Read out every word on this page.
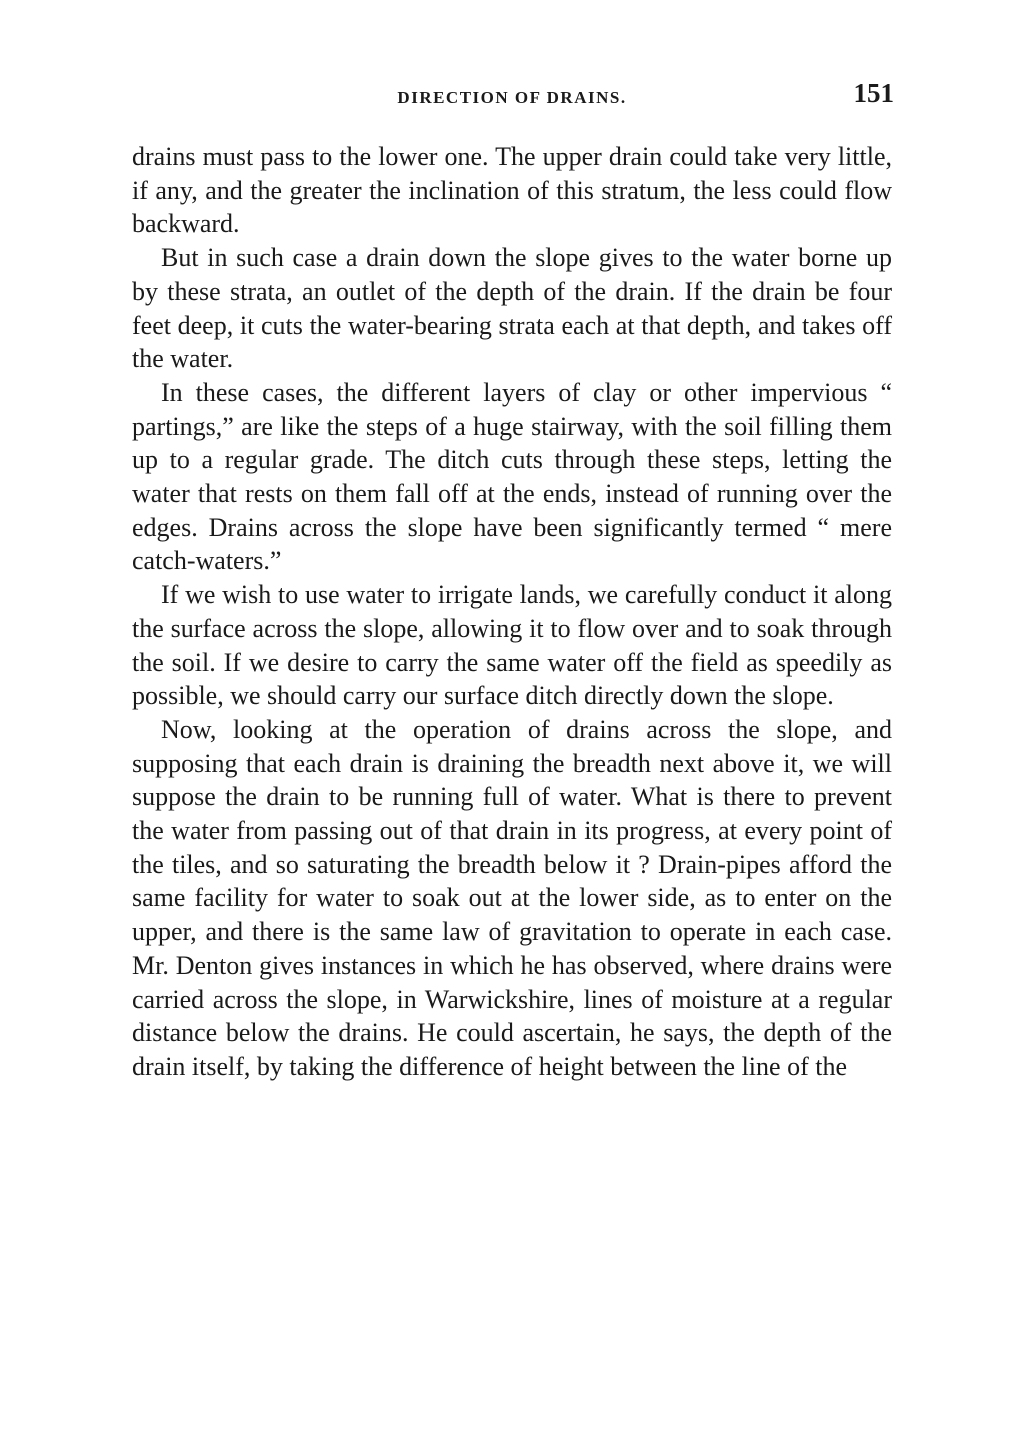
DIRECTION OF DRAINS.	151

drains must pass to the lower one. The upper drain could take very little, if any, and the greater the inclination of this stratum, the less could flow backward.

But in such case a drain down the slope gives to the water borne up by these strata, an outlet of the depth of the drain. If the drain be four feet deep, it cuts the water-bearing strata each at that depth, and takes off the water.

In these cases, the different layers of clay or other impervious “ partings,” are like the steps of a huge stairway, with the soil filling them up to a regular grade. The ditch cuts through these steps, letting the water that rests on them fall off at the ends, instead of running over the edges. Drains across the slope have been significantly termed “ mere catch-waters.”

If we wish to use water to irrigate lands, we carefully conduct it along the surface across the slope, allowing it to flow over and to soak through the soil. If we desire to carry the same water off the field as speedily as possible, we should carry our surface ditch directly down the slope.

Now, looking at the operation of drains across the slope, and supposing that each drain is draining the breadth next above it, we will suppose the drain to be running full of water. What is there to prevent the water from passing out of that drain in its progress, at every point of the tiles, and so saturating the breadth below it ? Drain-pipes afford the same facility for water to soak out at the lower side, as to enter on the upper, and there is the same law of gravitation to operate in each case. Mr. Denton gives instances in which he has observed, where drains were carried across the slope, in Warwickshire, lines of moisture at a regular distance below the drains. He could ascertain, he says, the depth of the drain itself, by taking the difference of height between the line of the
